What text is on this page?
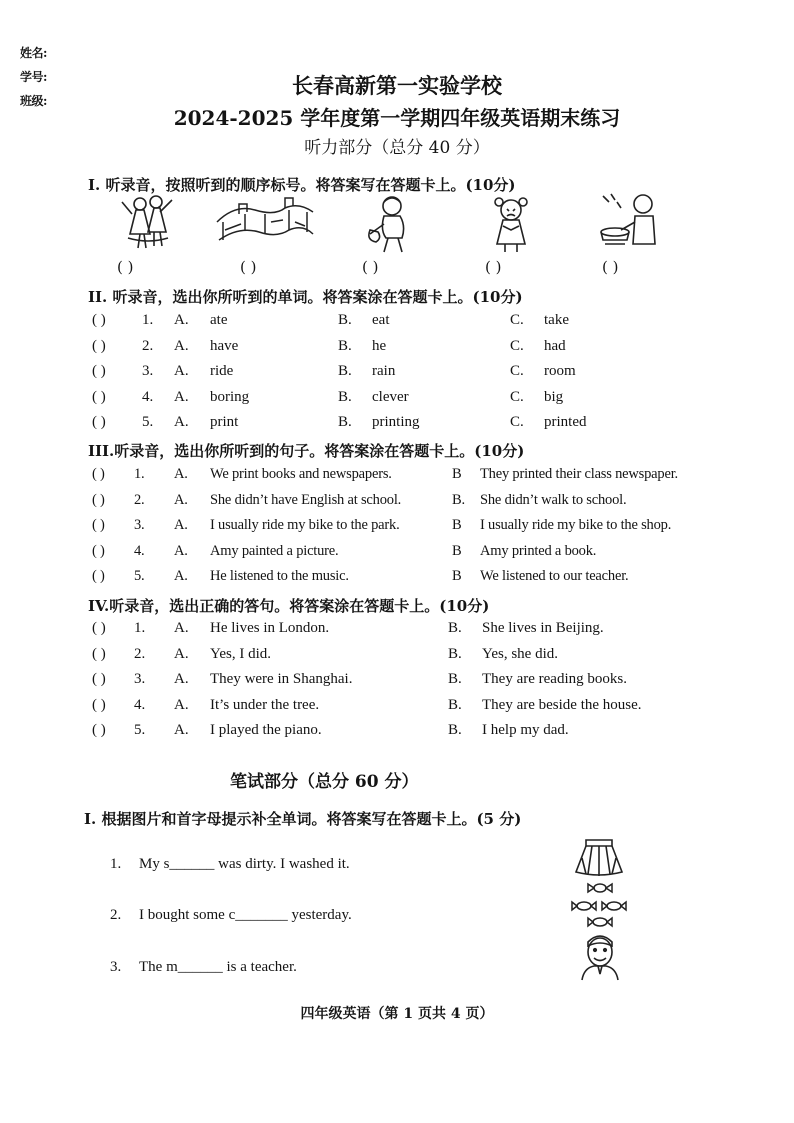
姓名:
学号:
班级:
长春高新第一实验学校
2024-2025 学年度第一学期四年级英语期末练习
听力部分（总分 40 分）
I. 听录音，按照听到的顺序标号。将答案写在答题卡上。(10分)
( )	( )	( )	( )	( )
II. 听录音，选出你所听到的单词。将答案涂在答题卡上。(10分)
( ) 1. A. ate	B. eat	C. take
( ) 2. A. have	B. he	C. had
( ) 3. A. ride	B. rain	C. room
( ) 4. A. boring	B. clever	C. big
( ) 5. A. print	B. printing	C. printed
III.听录音，选出你所听到的句子。将答案涂在答题卡上。(10分)
( ) 1. A. We print books and newspapers.	B They printed their class newspaper.
( ) 2. A. She didn’t have English at school.	B. She didn’t walk to school.
( ) 3. A. I usually ride my bike to the park.	B I usually ride my bike to the shop.
( ) 4. A. Amy painted a picture.	B Amy printed a book.
( ) 5. A. He listened to the music.	B We listened to our teacher.
IV.听录音，选出正确的答句。将答案涂在答题卡上。(10分)
( ) 1. A. He lives in London.	B. She lives in Beijing.
( ) 2. A. Yes, I did.	B. Yes, she did.
( ) 3. A. They were in Shanghai.	B. They are reading books.
( ) 4. A. It’s under the tree.	B. They are beside the house.
( ) 5. A. I played the piano.	B. I help my dad.
笔试部分（总分 60 分）
I. 根据图片和首字母提示补全单词。将答案写在答题卡上。(5 分)
1. My s______ was dirty. I washed it.
2. I bought some c_______ yesterday.
3. The m______ is a teacher.
四年级英语（第 1 页共 4 页）
